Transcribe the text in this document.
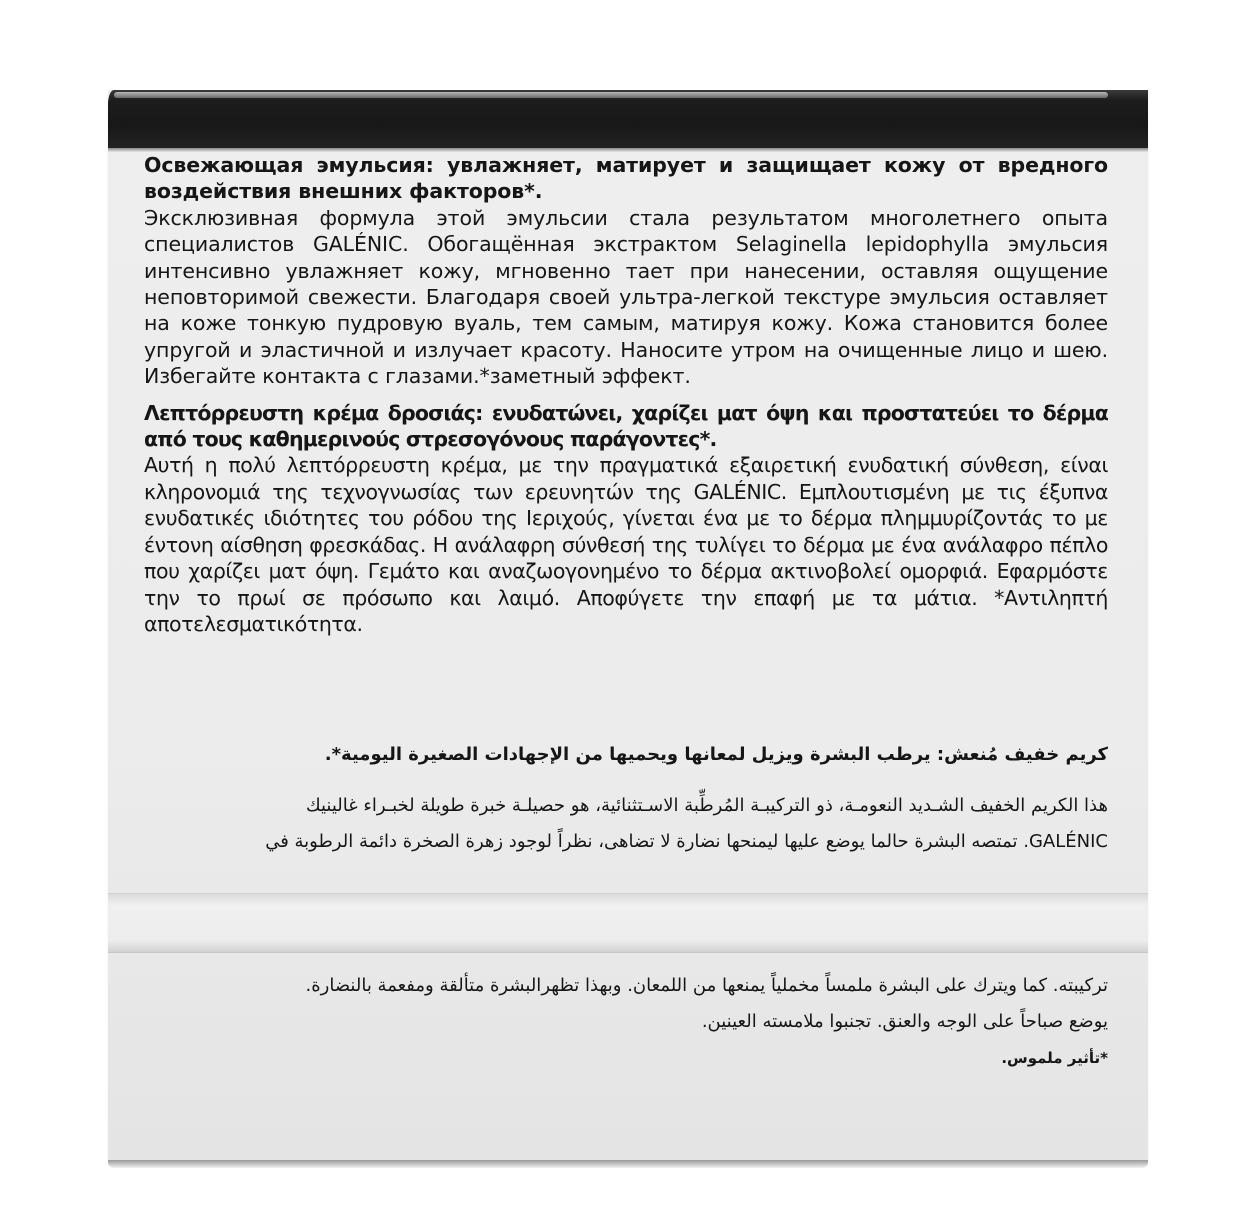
Освежающая эмульсия: увлажняет, матирует и защищает кожу от вредного воздействия внешних факторов*.
Эксклюзивная формула этой эмульсии стала результатом многолетнего опыта специалистов GALÉNIC. Обогащённая экстрактом Selaginella lepidophylla эмульсия интенсивно увлажняет кожу, мгновенно тает при нанесении, оставляя ощущение неповторимой свежести. Благодаря своей ультра-легкой текстуре эмульсия оставляет на коже тонкую пудровую вуаль, тем самым, матируя кожу. Кожа становится более упругой и эластичной и излучает красоту. Наносите утром на очищенные лицо и шею. Избегайте контакта с глазами.*заметный эффект.

Λεπτόρρευστη κρέμα δροσιάς: ενυδατώνει, χαρίζει ματ όψη και προστατεύει το δέρμα από τους καθημερινούς στρεσογόνους παράγοντες*.
Αυτή η πολύ λεπτόρρευστη κρέμα, με την πραγματικά εξαιρετική ενυδατική σύνθεση, είναι κληρονομιά της τεχνογνωσίας των ερευνητών της GALÉNIC. Εμπλουτισμένη με τις έξυπνα ενυδατικές ιδιότητες του ρόδου της Ιεριχούς, γίνεται ένα με το δέρμα πλημμυρίζοντάς το με έντονη αίσθηση φρεσκάδας. Η ανάλαφρη σύνθεσή της τυλίγει το δέρμα με ένα ανάλαφρο πέπλο που χαρίζει ματ όψη. Γεμάτο και αναζωογονημένο το δέρμα ακτινοβολεί ομορφιά. Εφαρμόστε την το πρωί σε πρόσωπο και λαιμό. Αποφύγετε την επαφή με τα μάτια. *Αντιληπτή αποτελεσματικότητα.

كريم خفيف مُنعش: يرطب البشرة ويزيل لمعانها ويحميها من الإجهادات الصغيرة اليومية*.
هذا الكريم الخفيف الشـديد النعومـة، ذو التركيبـة المُرطِّبة الاسـتثنائية، هو حصيلـة خبرة طويلة لخبـراء غالينيك
GALÉNIC. تمتصه البشرة حالما يوضع عليها ليمنحها نضارة لا تضاهى، نظراً لوجود زهرة الصخرة دائمة الرطوبة في
تركيبته. كما ويترك على البشرة ملمساً مخملياً يمنعها من اللمعان. وبهذا تظهرالبشرة متألقة ومفعمة بالنضارة.
يوضع صباحاً على الوجه والعنق. تجنبوا ملامسته العينين.
*تأثير ملموس.
